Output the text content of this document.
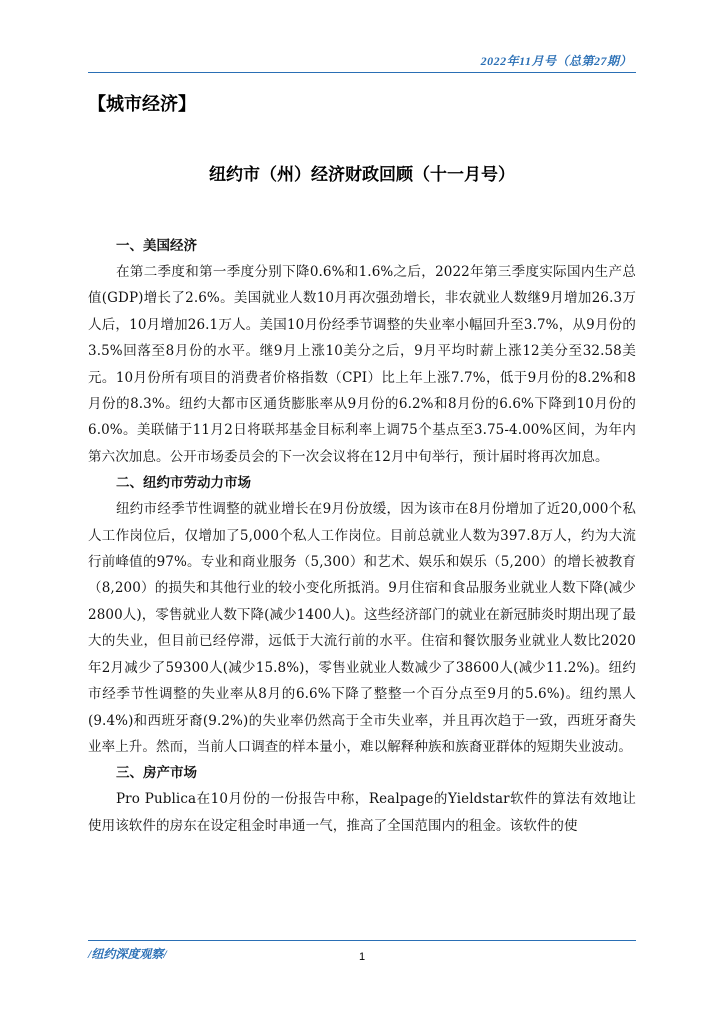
2022年11月号（总第27期）
【城市经济】
纽约市（州）经济财政回顾（十一月号）

一、美国经济

在第二季度和第一季度分别下降0.6%和1.6%之后，2022年第三季度实际国内生产总值(GDP)增长了2.6%。美国就业人数10月再次强劲增长，非农就业人数继9月增加26.3万人后，10月增加26.1万人。美国10月份经季节调整的失业率小幅回升至3.7%，从9月份的3.5%回落至8月份的水平。继9月上涨10美分之后，9月平均时薪上涨12美分至32.58美元。10月份所有项目的消费者价格指数（CPI）比上年上涨7.7%，低于9月份的8.2%和8月份的8.3%。纽约大都市区通货膨胀率从9月份的6.2%和8月份的6.6%下降到10月份的6.0%。美联储于11月2日将联邦基金目标利率上调75个基点至3.75-4.00%区间，为年内第六次加息。公开市场委员会的下一次会议将在12月中旬举行，预计届时将再次加息。

二、纽约市劳动力市场

纽约市经季节性调整的就业增长在9月份放缓，因为该市在8月份增加了近20,000个私人工作岗位后，仅增加了5,000个私人工作岗位。目前总就业人数为397.8万人，约为大流行前峰值的97%。专业和商业服务（5,300）和艺术、娱乐和娱乐（5,200）的增长被教育（8,200）的损失和其他行业的较小变化所抵消。9月住宿和食品服务业就业人数下降(减少2800人)，零售就业人数下降(减少1400人)。这些经济部门的就业在新冠肺炎时期出现了最大的失业，但目前已经停滞，远低于大流行前的水平。住宿和餐饮服务业就业人数比2020年2月减少了59300人(减少15.8%)，零售业就业人数减少了38600人(减少11.2%)。纽约市经季节性调整的失业率从8月的6.6%下降了整整一个百分点至9月的5.6%)。纽约黑人(9.4%)和西班牙裔(9.2%)的失业率仍然高于全市失业率，并且再次趋于一致，西班牙裔失业率上升。然而，当前人口调查的样本量小，难以解释种族和族裔亚群体的短期失业波动。

三、房产市场

Pro Publica在10月份的一份报告中称，Realpage的Yieldstar软件的算法有效地让使用该软件的房东在设定租金时串通一气，推高了全国范围内的租金。该软件的使

/纽约深度观察/	1
